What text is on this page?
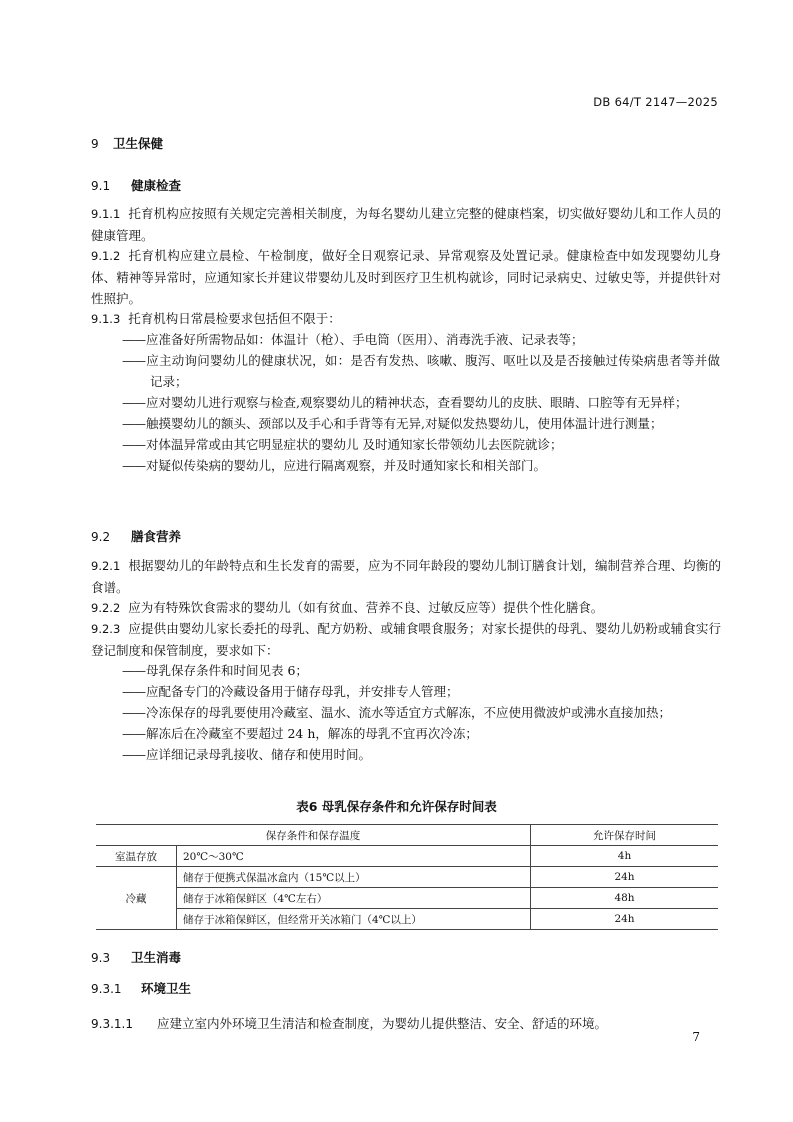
DB 64/T 2147—2025
9 卫生保健
9.1 健康检查
9.1.1 托育机构应按照有关规定完善相关制度，为每名婴幼儿建立完整的健康档案，切实做好婴幼儿和工作人员的健康管理。
9.1.2 托育机构应建立晨检、午检制度，做好全日观察记录、异常观察及处置记录。健康检查中如发现婴幼儿身体、精神等异常时，应通知家长并建议带婴幼儿及时到医疗卫生机构就诊，同时记录病史、过敏史等，并提供针对性照护。
9.1.3 托育机构日常晨检要求包括但不限于：
—— 应准备好所需物品如：体温计（枪）、手电筒（医用）、消毒洗手液、记录表等；
—— 应主动询问婴幼儿的健康状况，如：是否有发热、咳嗽、腹泻、呕吐以及是否接触过传染病患者等并做记录；
—— 应对婴幼儿进行观察与检查,观察婴幼儿的精神状态，查看婴幼儿的皮肤、眼睛、口腔等有无异样；
—— 触摸婴幼儿的额头、颈部以及手心和手背等有无异,对疑似发热婴幼儿，使用体温计进行测量；
—— 对体温异常或由其它明显症状的婴幼儿 及时通知家长带领幼儿去医院就诊；
—— 对疑似传染病的婴幼儿，应进行隔离观察，并及时通知家长和相关部门。
9.2 膳食营养
9.2.1 根据婴幼儿的年龄特点和生长发育的需要，应为不同年龄段的婴幼儿制订膳食计划，编制营养合理、均衡的食谱。
9.2.2 应为有特殊饮食需求的婴幼儿（如有贫血、营养不良、过敏反应等）提供个性化膳食。
9.2.3 应提供由婴幼儿家长委托的母乳、配方奶粉、或辅食喂食服务；对家长提供的母乳、婴幼儿奶粉或辅食实行登记制度和保管制度，要求如下：
—— 母乳保存条件和时间见表 6；
—— 应配备专门的冷藏设备用于储存母乳，并安排专人管理；
—— 冷冻保存的母乳要使用冷藏室、温水、流水等适宜方式解冻，不应使用微波炉或沸水直接加热；
—— 解冻后在冷藏室不要超过 24 h，解冻的母乳不宜再次冷冻；
—— 应详细记录母乳接收、储存和使用时间。
表6 母乳保存条件和允许保存时间表
保存条件和保存温度		允许保存时间
室温存放	20℃～30℃	4h
冷藏	储存于便携式保温冰盒内（15℃以上）	24h
	储存于冰箱保鲜区（4℃左右）	48h
	储存于冰箱保鲜区，但经常开关冰箱门（4℃以上）	24h
9.3 卫生消毒
9.3.1 环境卫生
9.3.1.1 应建立室内外环境卫生清洁和检查制度，为婴幼儿提供整洁、安全、舒适的环境。
7
